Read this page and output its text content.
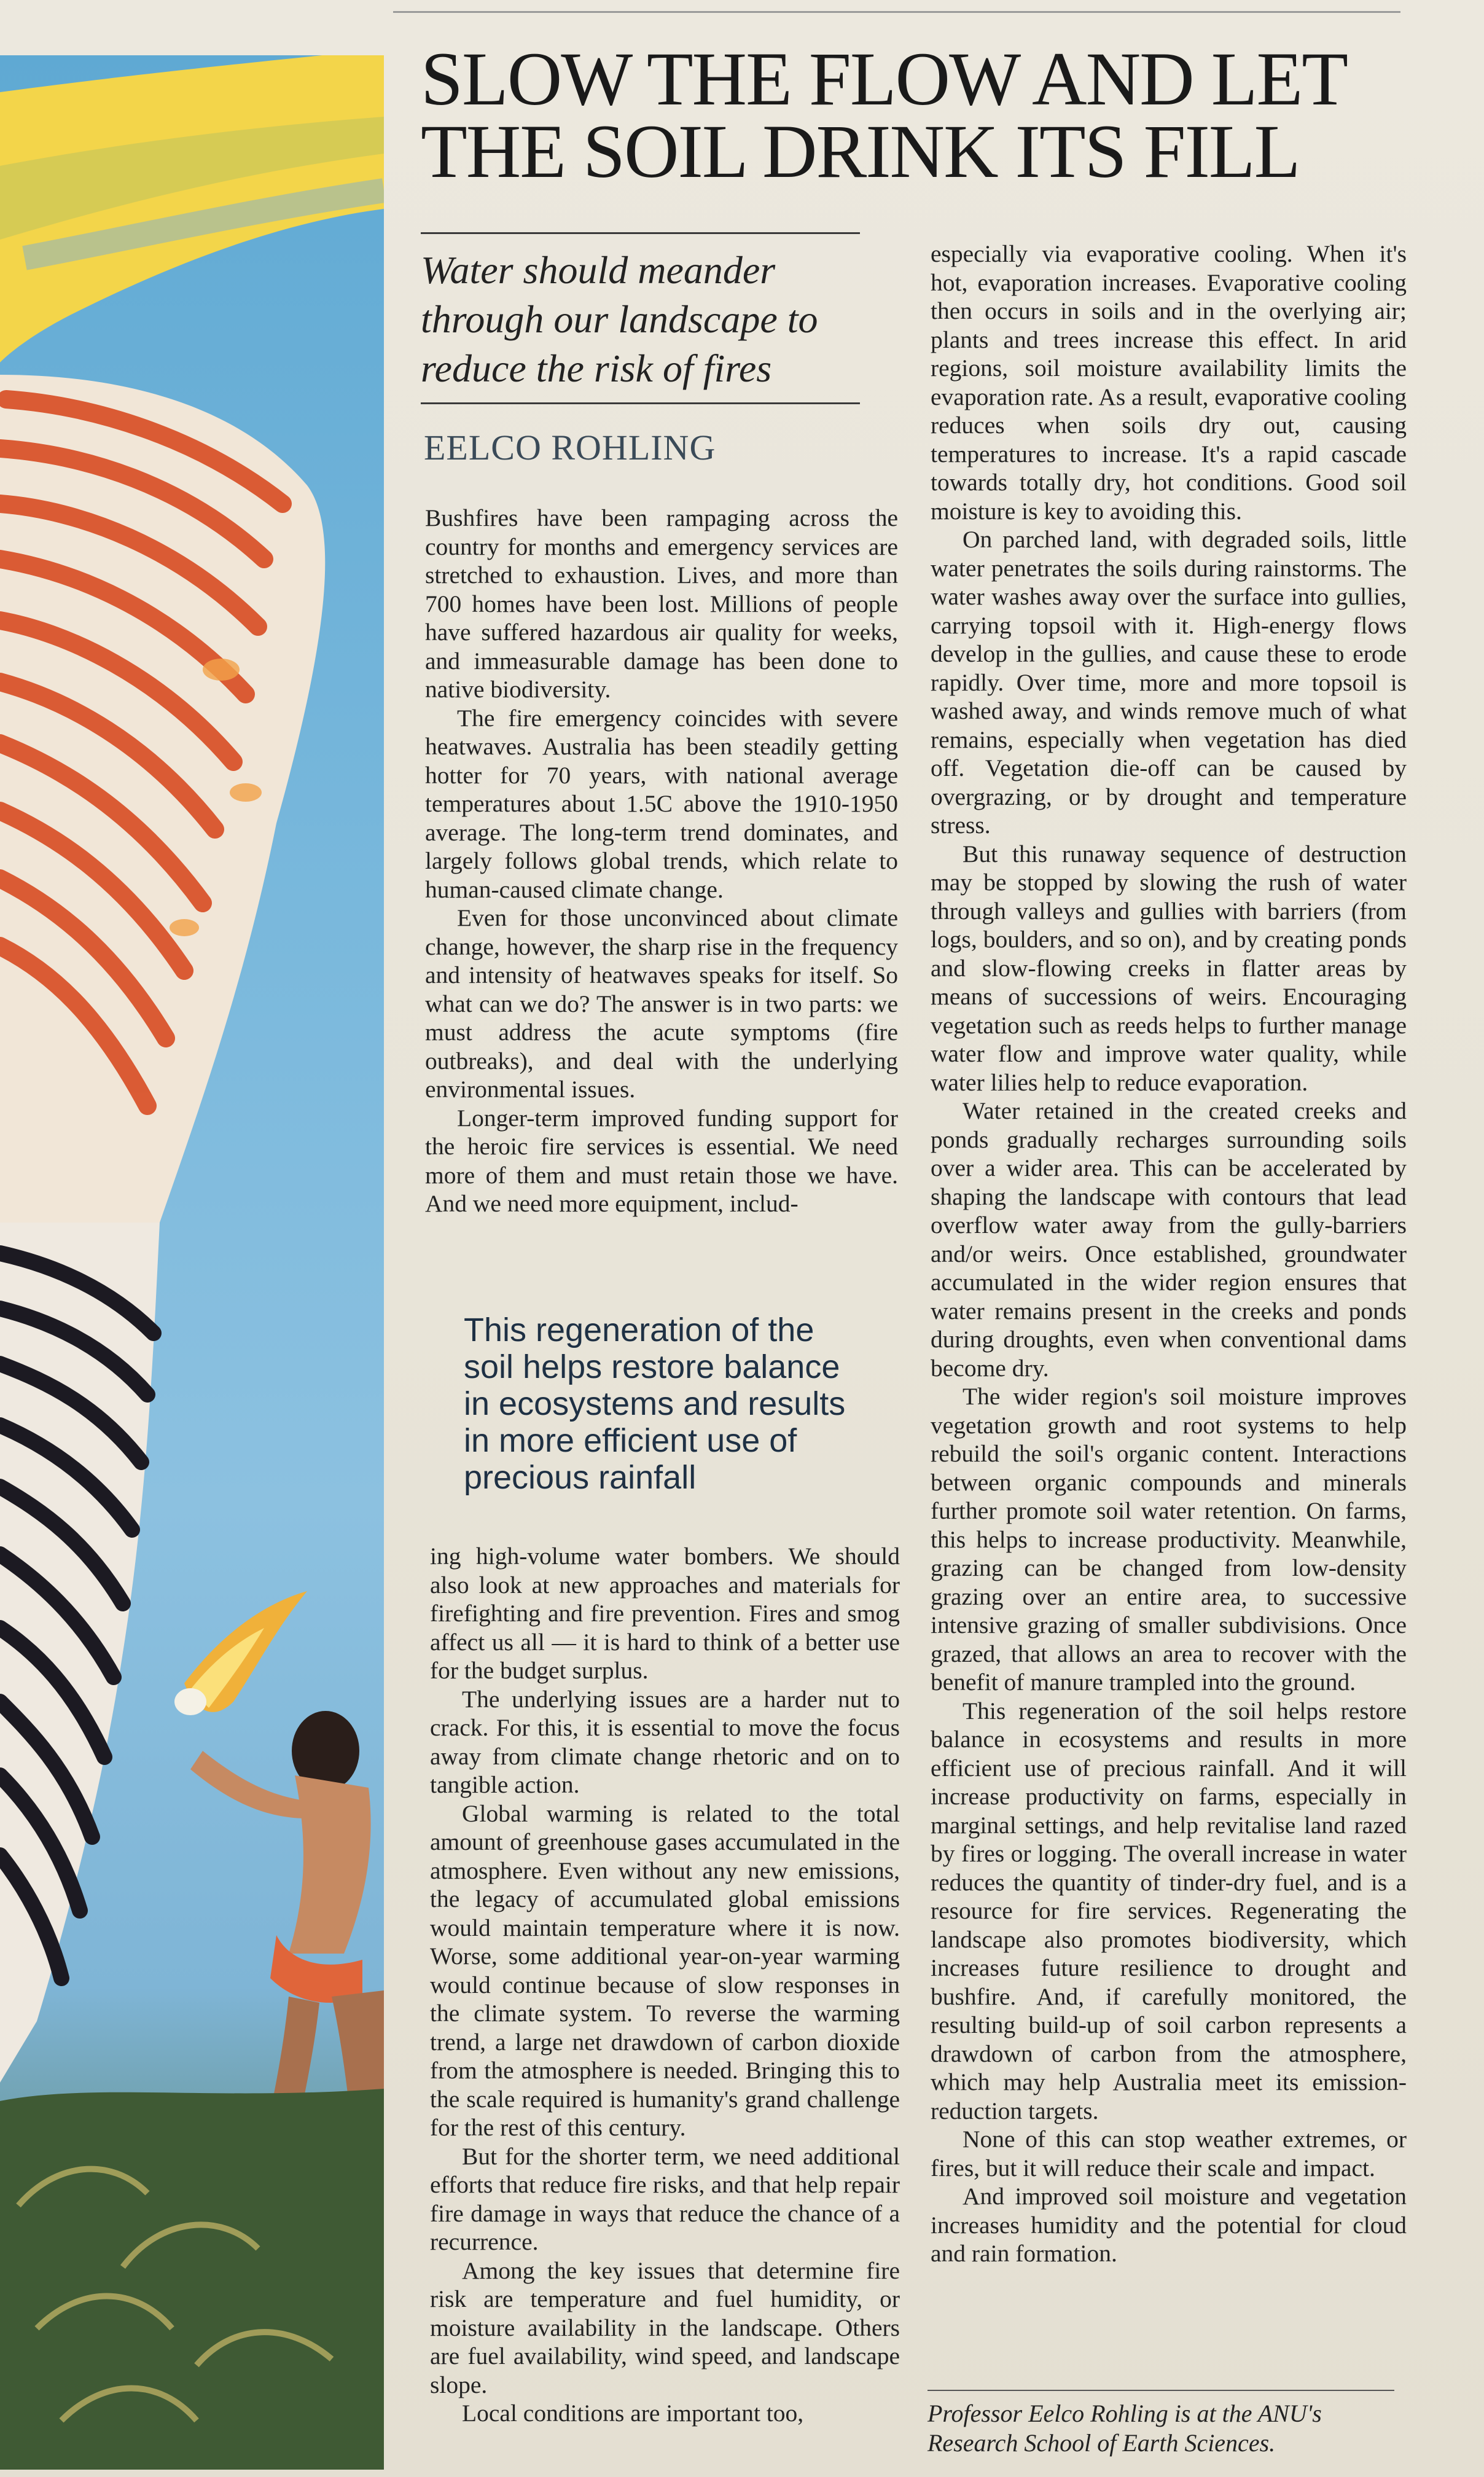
SLOW THE FLOW AND LET
THE SOIL DRINK ITS FILL

Water should meander through our landscape to reduce the risk of fires

EELCO ROHLING

Bushfires have been rampaging across the country for months and emergency services are stretched to exhaustion. Lives, and more than 700 homes have been lost. Millions of people have suffered hazardous air quality for weeks, and immeasurable damage has been done to native biodiversity.

The fire emergency coincides with severe heatwaves. Australia has been steadily getting hotter for 70 years, with national average temperatures about 1.5C above the 1910-1950 average. The long-term trend dominates, and largely follows global trends, which relate to human-caused climate change.

Even for those unconvinced about climate change, however, the sharp rise in the frequency and intensity of heatwaves speaks for itself. So what can we do? The answer is in two parts: we must address the acute symptoms (fire outbreaks), and deal with the underlying environmental issues.

Longer-term improved funding support for the heroic fire services is essential. We need more of them and must retain those we have. And we need more equipment, includ-

This regeneration of the soil helps restore balance in ecosystems and results in more efficient use of precious rainfall

ing high-volume water bombers. We should also look at new approaches and materials for firefighting and fire prevention. Fires and smog affect us all — it is hard to think of a better use for the budget surplus.

The underlying issues are a harder nut to crack. For this, it is essential to move the focus away from climate change rhetoric and on to tangible action.

Global warming is related to the total amount of greenhouse gases accumulated in the atmosphere. Even without any new emissions, the legacy of accumulated global emissions would maintain temperature where it is now. Worse, some additional year-on-year warming would continue because of slow responses in the climate system. To reverse the warming trend, a large net drawdown of carbon dioxide from the atmosphere is needed. Bringing this to the scale required is humanity's grand challenge for the rest of this century.

But for the shorter term, we need additional efforts that reduce fire risks, and that help repair fire damage in ways that reduce the chance of a recurrence.

Among the key issues that determine fire risk are temperature and fuel humidity, or moisture availability in the landscape. Others are fuel availability, wind speed, and landscape slope.

Local conditions are important too,

especially via evaporative cooling. When it's hot, evaporation increases. Evaporative cooling then occurs in soils and in the overlying air; plants and trees increase this effect. In arid regions, soil moisture availability limits the evaporation rate. As a result, evaporative cooling reduces when soils dry out, causing temperatures to increase. It's a rapid cascade towards totally dry, hot conditions. Good soil moisture is key to avoiding this.

On parched land, with degraded soils, little water penetrates the soils during rainstorms. The water washes away over the surface into gullies, carrying topsoil with it. High-energy flows develop in the gullies, and cause these to erode rapidly. Over time, more and more topsoil is washed away, and winds remove much of what remains, especially when vegetation has died off. Vegetation die-off can be caused by overgrazing, or by drought and temperature stress.

But this runaway sequence of destruction may be stopped by slowing the rush of water through valleys and gullies with barriers (from logs, boulders, and so on), and by creating ponds and slow-flowing creeks in flatter areas by means of successions of weirs. Encouraging vegetation such as reeds helps to further manage water flow and improve water quality, while water lilies help to reduce evaporation.

Water retained in the created creeks and ponds gradually recharges surrounding soils over a wider area. This can be accelerated by shaping the landscape with contours that lead overflow water away from the gully-barriers and/or weirs. Once established, groundwater accumulated in the wider region ensures that water remains present in the creeks and ponds during droughts, even when conventional dams become dry.

The wider region's soil moisture improves vegetation growth and root systems to help rebuild the soil's organic content. Interactions between organic compounds and minerals further promote soil water retention. On farms, this helps to increase productivity. Meanwhile, grazing can be changed from low-density grazing over an entire area, to successive intensive grazing of smaller subdivisions. Once grazed, that allows an area to recover with the benefit of manure trampled into the ground.

This regeneration of the soil helps restore balance in ecosystems and results in more efficient use of precious rainfall. And it will increase productivity on farms, especially in marginal settings, and help revitalise land razed by fires or logging. The overall increase in water reduces the quantity of tinder-dry fuel, and is a resource for fire services. Regenerating the landscape also promotes biodiversity, which increases future resilience to drought and bushfire. And, if carefully monitored, the resulting build-up of soil carbon represents a drawdown of carbon from the atmosphere, which may help Australia meet its emission-reduction targets.

None of this can stop weather extremes, or fires, but it will reduce their scale and impact.

And improved soil moisture and vegetation increases humidity and the potential for cloud and rain formation.

Professor Eelco Rohling is at the ANU's Research School of Earth Sciences.
